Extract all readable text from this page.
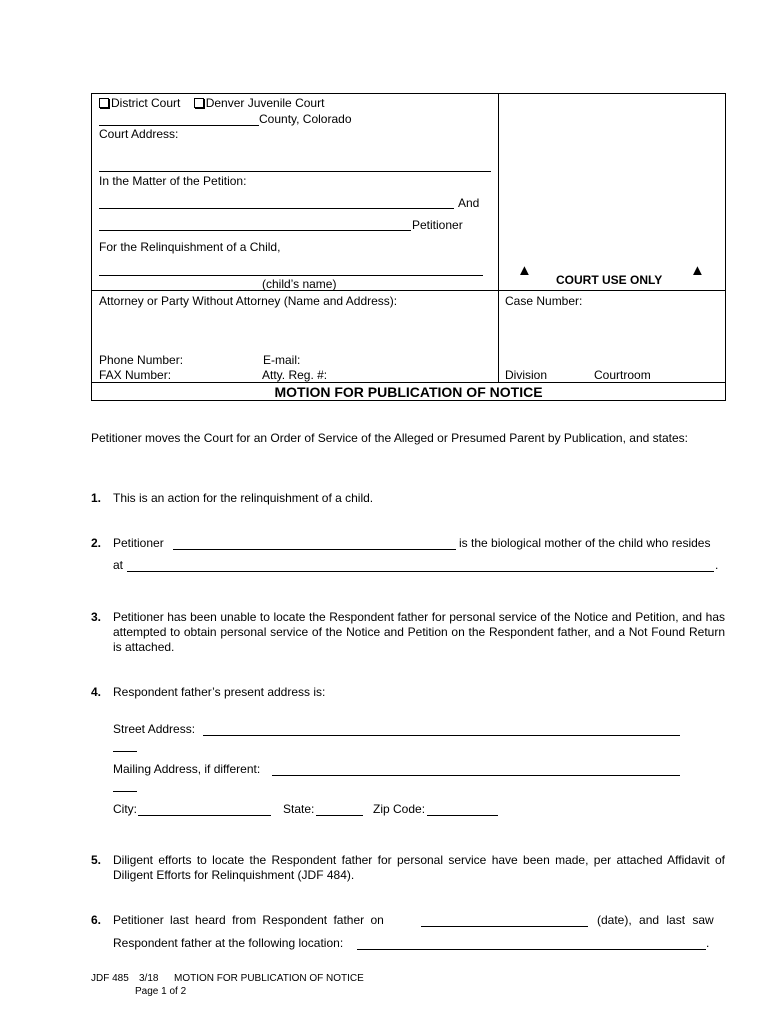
District Court Denver Juvenile Court
County, Colorado
Court Address:
In the Matter of the Petition:
And
Petitioner
For the Relinquishment of a Child,
(child’s name)
▲
COURT USE ONLY
▲
Attorney or Party Without Attorney (Name and Address):	Case Number:
Phone Number:	E-mail:
FAX Number:	Atty. Reg. #:	Division	Courtroom
MOTION FOR PUBLICATION OF NOTICE
Petitioner moves the Court for an Order of Service of the Alleged or Presumed Parent by Publication, and states:
1. This is an action for the relinquishment of a child.
2. Petitioner	is the biological mother of the child who resides
at	.
3. Petitioner has been unable to locate the Respondent father for personal service of the Notice and Petition, and has attempted to obtain personal service of the Notice and Petition on the Respondent father, and a Not Found Return is attached.
4. Respondent father’s present address is:
Street Address:
Mailing Address, if different:
City:	State:	Zip Code:
5. Diligent efforts to locate the Respondent father for personal service have been made, per attached Affidavit of Diligent Efforts for Relinquishment (JDF 484).
6. Petitioner last heard from Respondent father on	(date), and last saw
Respondent father at the following location:	.
JDF 485 3/18 MOTION FOR PUBLICATION OF NOTICE
Page 1 of 2
